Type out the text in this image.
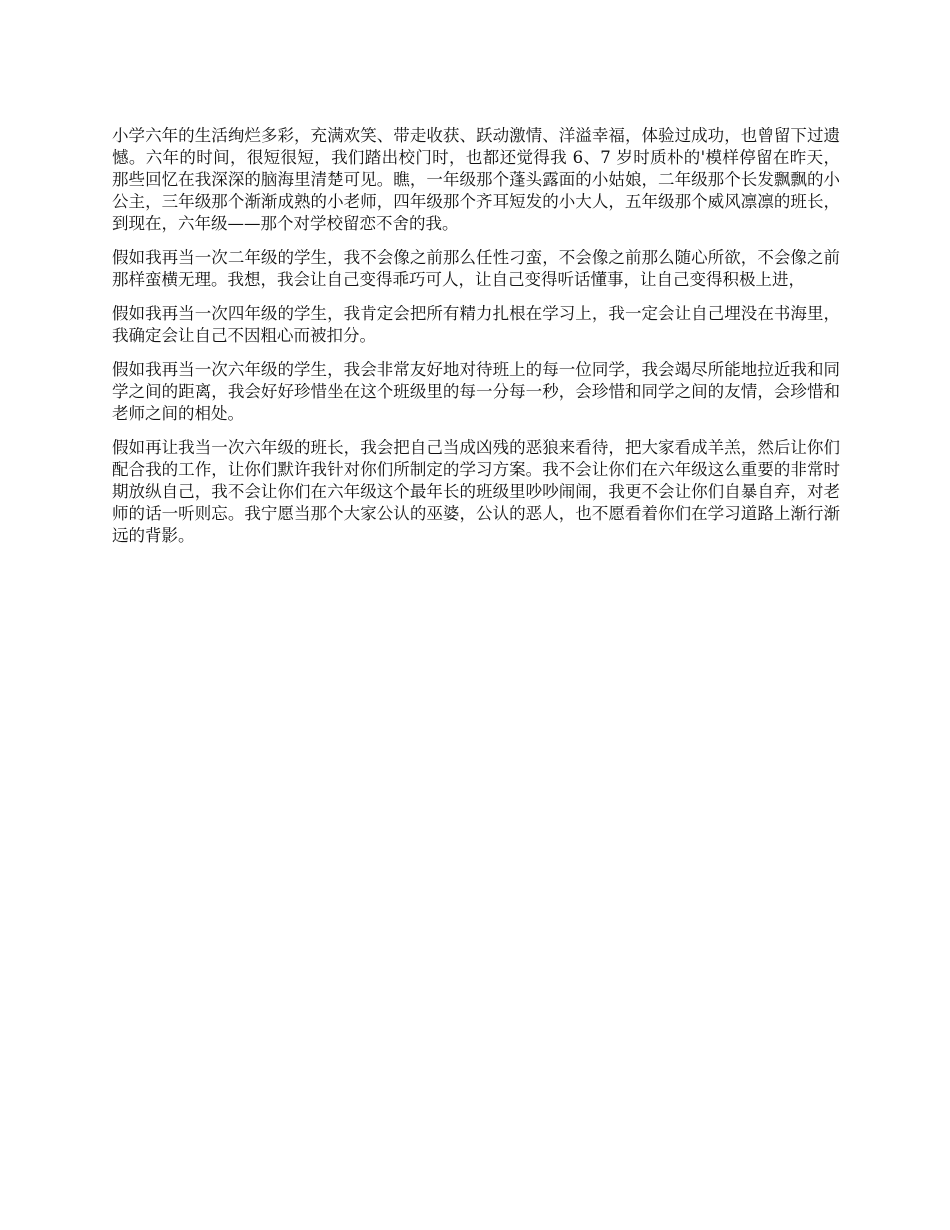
小学六年的生活绚烂多彩，充满欢笑、带走收获、跃动激情、洋溢幸福，体验过成功，也曾留下过遗憾。六年的时间，很短很短，我们踏出校门时，也都还觉得我 6、7 岁时质朴的'模样停留在昨天，那些回忆在我深深的脑海里清楚可见。瞧，一年级那个蓬头露面的小姑娘，二年级那个长发飘飘的小公主，三年级那个渐渐成熟的小老师，四年级那个齐耳短发的小大人，五年级那个威风凛凛的班长，到现在，六年级——那个对学校留恋不舍的我。

假如我再当一次二年级的学生，我不会像之前那么任性刁蛮，不会像之前那么随心所欲，不会像之前那样蛮横无理。我想，我会让自己变得乖巧可人，让自己变得听话懂事，让自己变得积极上进，

假如我再当一次四年级的学生，我肯定会把所有精力扎根在学习上，我一定会让自己埋没在书海里，我确定会让自己不因粗心而被扣分。

假如我再当一次六年级的学生，我会非常友好地对待班上的每一位同学，我会竭尽所能地拉近我和同学之间的距离，我会好好珍惜坐在这个班级里的每一分每一秒，会珍惜和同学之间的友情，会珍惜和老师之间的相处。

假如再让我当一次六年级的班长，我会把自己当成凶残的恶狼来看待，把大家看成羊羔，然后让你们配合我的工作，让你们默许我针对你们所制定的学习方案。我不会让你们在六年级这么重要的非常时期放纵自己，我不会让你们在六年级这个最年长的班级里吵吵闹闹，我更不会让你们自暴自弃，对老师的话一听则忘。我宁愿当那个大家公认的巫婆，公认的恶人，也不愿看着你们在学习道路上渐行渐远的背影。
